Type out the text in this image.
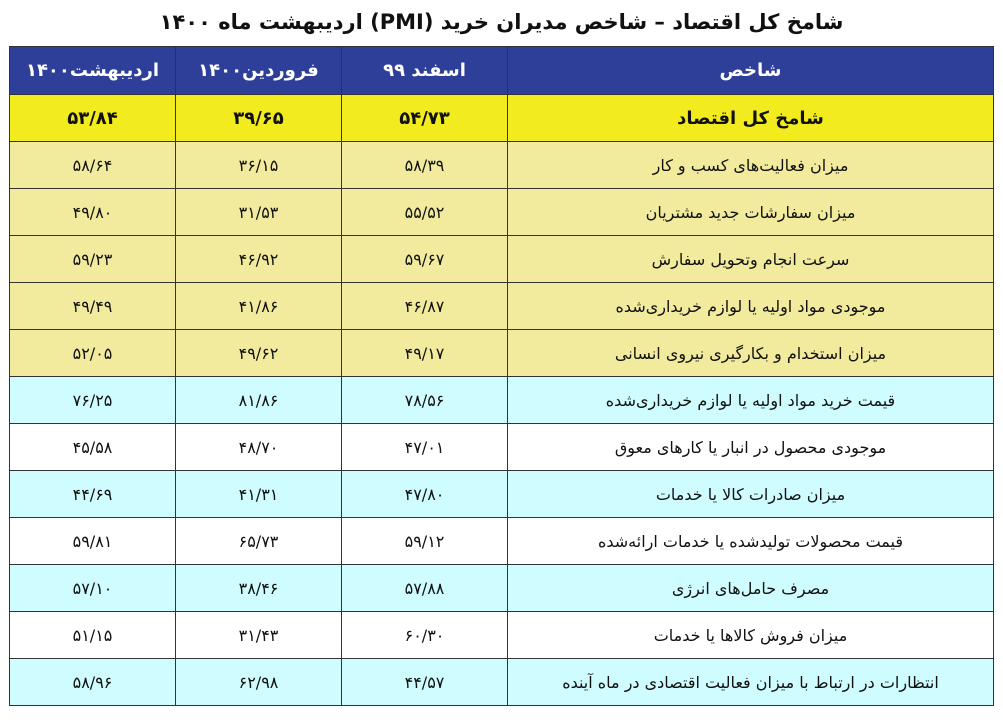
شامخ کل اقتصاد – شاخص مدیران خرید (PMI) اردیبهشت ماه ۱۴۰۰
شاخص	اسفند ۹۹	فروردین۱۴۰۰	اردیبهشت۱۴۰۰
شامخ کل اقتصاد	۵۴/۷۳	۳۹/۶۵	۵۳/۸۴
میزان فعالیت‌های کسب و کار	۵۸/۳۹	۳۶/۱۵	۵۸/۶۴
میزان سفارشات جدید مشتریان	۵۵/۵۲	۳۱/۵۳	۴۹/۸۰
سرعت انجام وتحویل سفارش	۵۹/۶۷	۴۶/۹۲	۵۹/۲۳
موجودی مواد اولیه یا لوازم خریداری‌شده	۴۶/۸۷	۴۱/۸۶	۴۹/۴۹
میزان استخدام و بکارگیری نیروی انسانی	۴۹/۱۷	۴۹/۶۲	۵۲/۰۵
قیمت خرید مواد اولیه یا لوازم خریداری‌شده	۷۸/۵۶	۸۱/۸۶	۷۶/۲۵
موجودی محصول در انبار یا کارهای معوق	۴۷/۰۱	۴۸/۷۰	۴۵/۵۸
میزان صادرات کالا یا خدمات	۴۷/۸۰	۴۱/۳۱	۴۴/۶۹
قیمت محصولات تولیدشده یا خدمات ارائه‌شده	۵۹/۱۲	۶۵/۷۳	۵۹/۸۱
مصرف حامل‌های انرژی	۵۷/۸۸	۳۸/۴۶	۵۷/۱۰
میزان فروش کالاها یا خدمات	۶۰/۳۰	۳۱/۴۳	۵۱/۱۵
انتظارات در ارتباط با میزان فعالیت اقتصادی در ماه آینده	۴۴/۵۷	۶۲/۹۸	۵۸/۹۶
